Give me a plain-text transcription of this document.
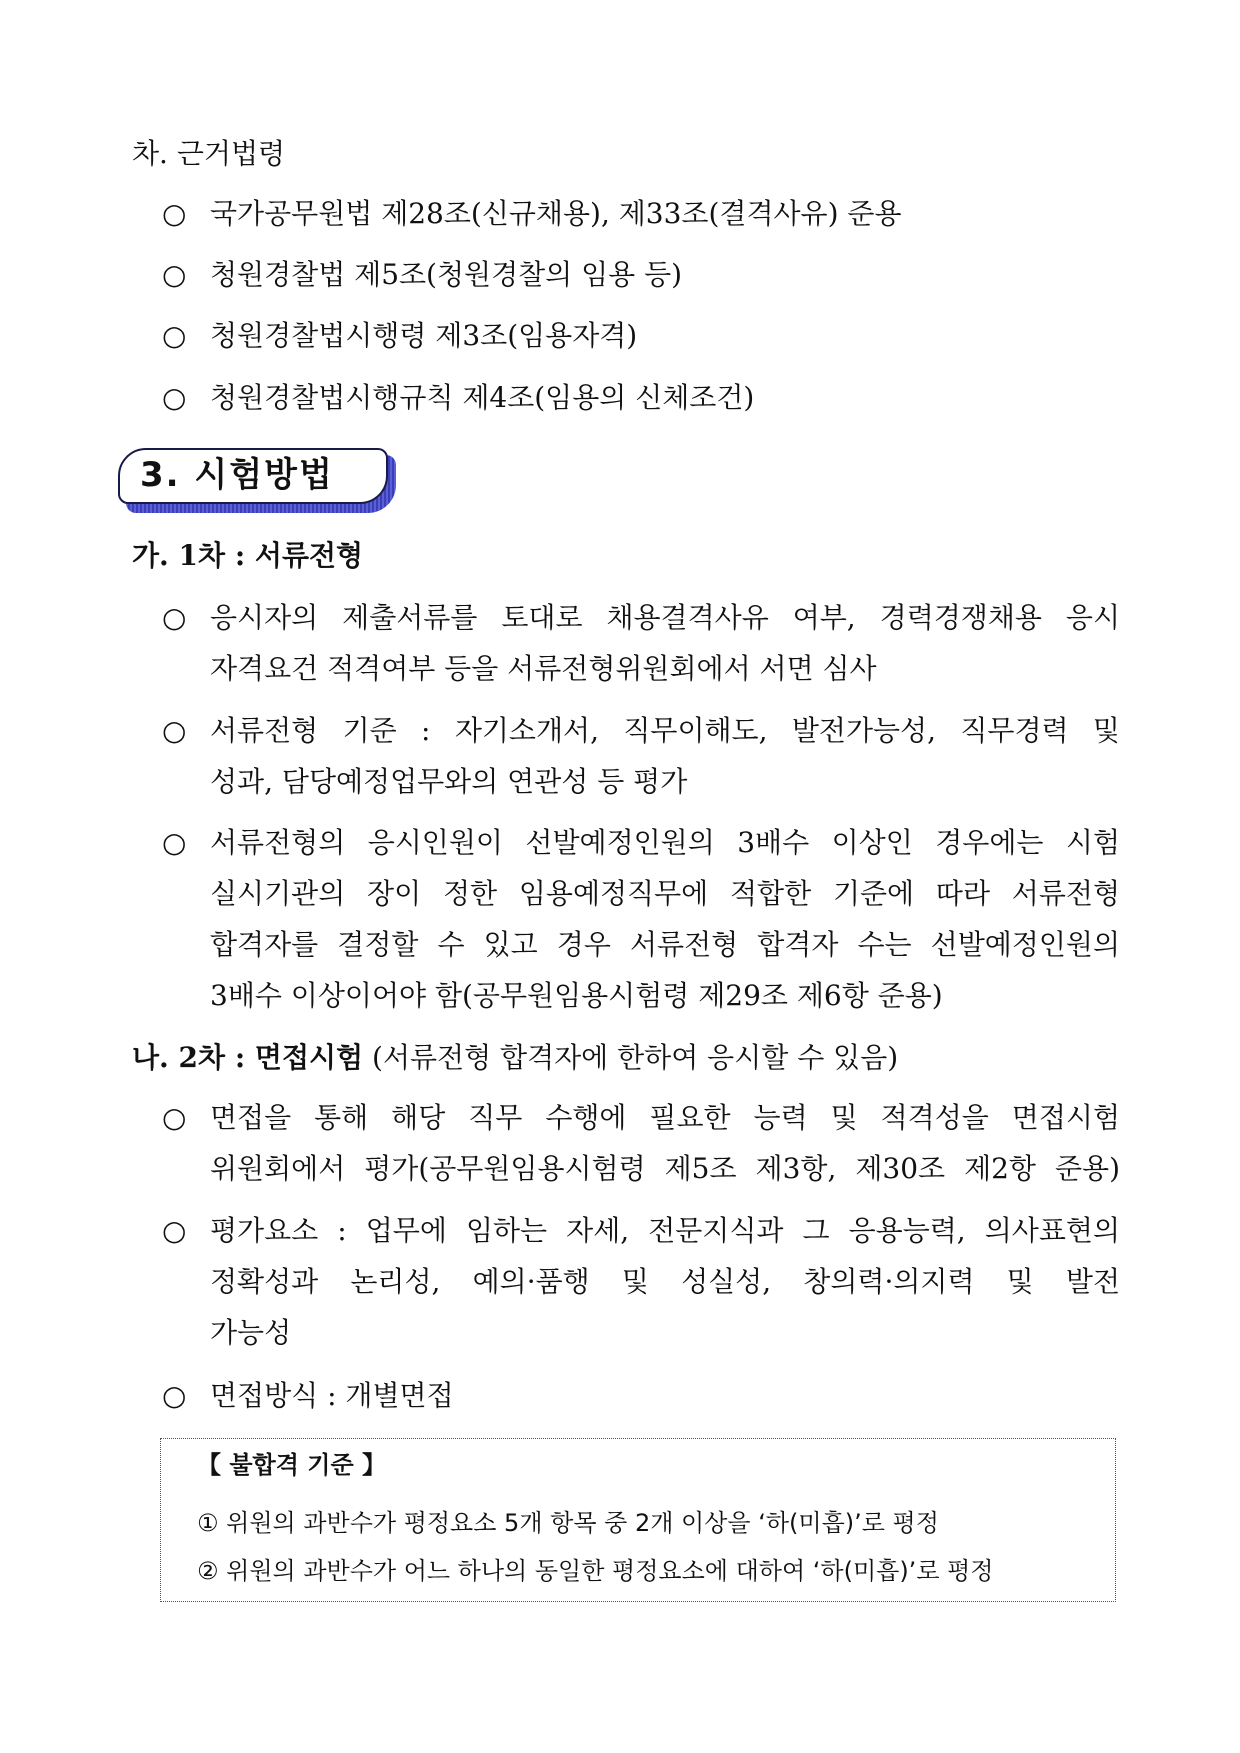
차. 근거법령
○ 국가공무원법 제28조(신규채용), 제33조(결격사유) 준용
○ 청원경찰법 제5조(청원경찰의 임용 등)
○ 청원경찰법시행령 제3조(임용자격)
○ 청원경찰법시행규칙 제4조(임용의 신체조건)
3. 시험방법
가. 1차 : 서류전형
○ 응시자의 제출서류를 토대로 채용결격사유 여부, 경력경쟁채용 응시
자격요건 적격여부 등을 서류전형위원회에서 서면 심사
○ 서류전형 기준 : 자기소개서, 직무이해도, 발전가능성, 직무경력 및
성과, 담당예정업무와의 연관성 등 평가
○ 서류전형의 응시인원이 선발예정인원의 3배수 이상인 경우에는 시험
실시기관의 장이 정한 임용예정직무에 적합한 기준에 따라 서류전형
합격자를 결정할 수 있고 경우 서류전형 합격자 수는 선발예정인원의
3배수 이상이어야 함(공무원임용시험령 제29조 제6항 준용)
나. 2차 : 면접시험 (서류전형 합격자에 한하여 응시할 수 있음)
○ 면접을 통해 해당 직무 수행에 필요한 능력 및 적격성을 면접시험
위원회에서 평가(공무원임용시험령 제5조 제3항, 제30조 제2항 준용)
○ 평가요소 : 업무에 임하는 자세, 전문지식과 그 응용능력, 의사표현의
정확성과 논리성, 예의·품행 및 성실성, 창의력·의지력 및 발전
가능성
○ 면접방식 : 개별면접
【 불합격 기준 】
① 위원의 과반수가 평정요소 5개 항목 중 2개 이상을 ‘하(미흡)’로 평정
② 위원의 과반수가 어느 하나의 동일한 평정요소에 대하여 ‘하(미흡)’로 평정
